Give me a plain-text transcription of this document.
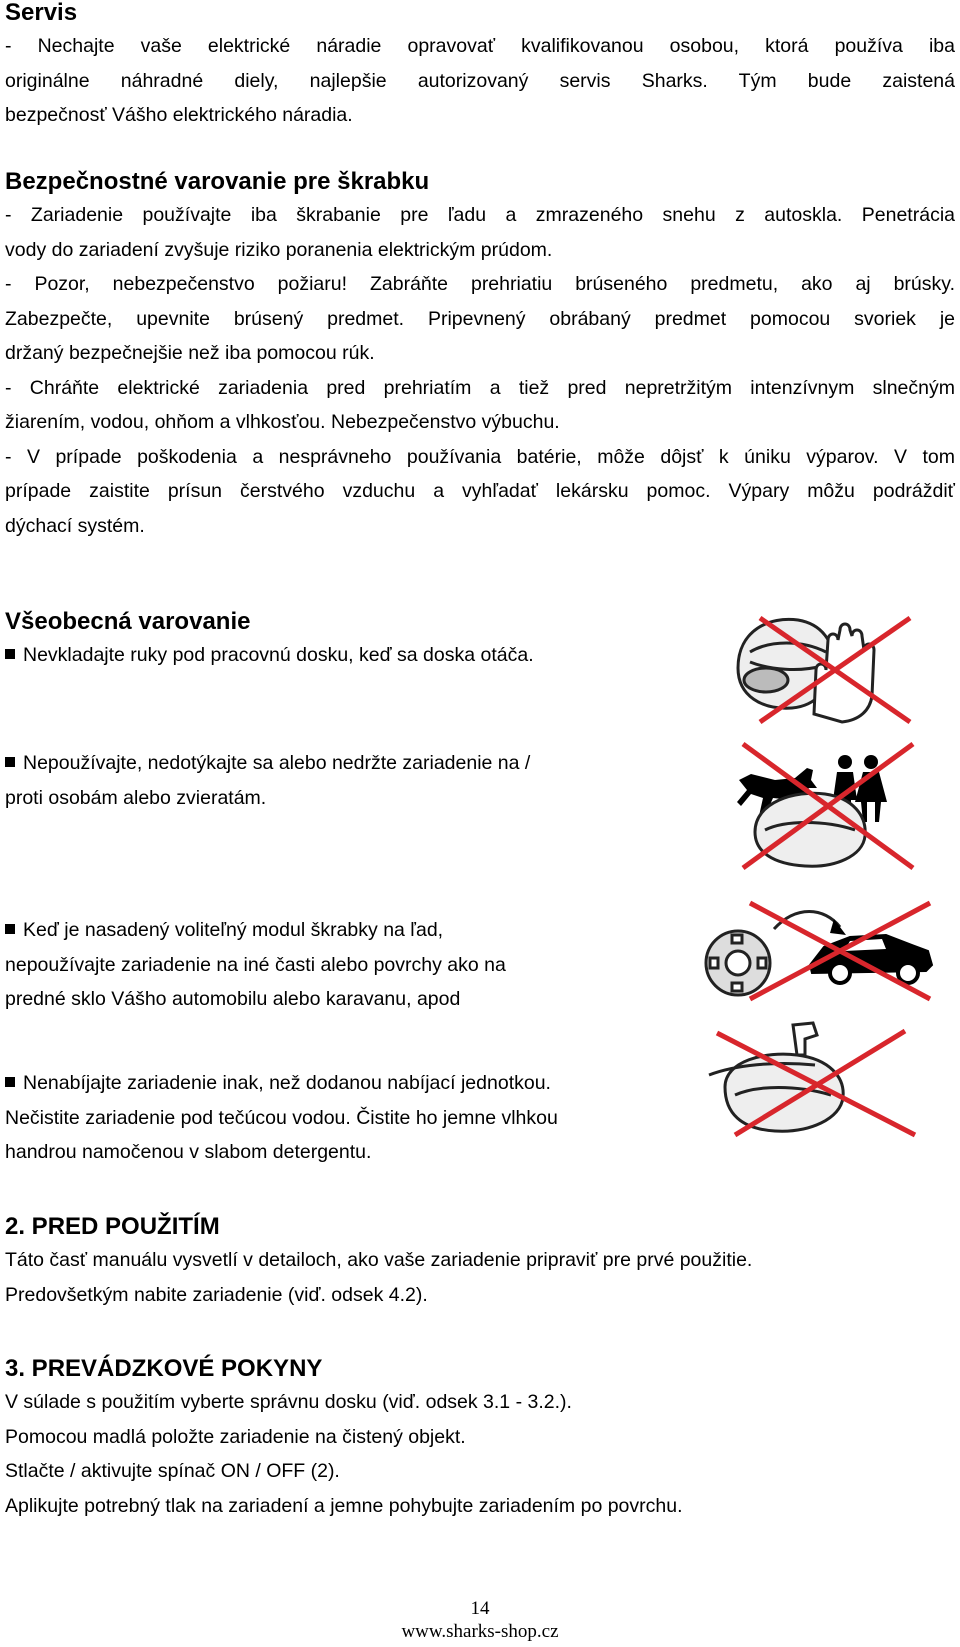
Servis
- Nechajte vaše elektrické náradie opravovať kvalifikovanou osobou, ktorá používa iba
originálne náhradné diely, najlepšie autorizovaný servis Sharks. Tým bude zaistená
bezpečnosť Vášho elektrického náradia.
Bezpečnostné varovanie pre škrabku
- Zariadenie používajte iba škrabanie pre ľadu a zmrazeného snehu z autoskla. Penetrácia
vody do zariadení zvyšuje riziko poranenia elektrickým prúdom.
- Pozor, nebezpečenstvo požiaru! Zabráňte prehriatiu brúseného predmetu, ako aj brúsky.
Zabezpečte, upevnite brúsený predmet. Pripevnený obrábaný predmet pomocou svoriek je
držaný bezpečnejšie než iba pomocou rúk.
- Chráňte elektrické zariadenia pred prehriatím a tiež pred nepretržitým intenzívnym slnečným
žiarením, vodou, ohňom a vlhkosťou. Nebezpečenstvo výbuchu.
- V prípade poškodenia a nesprávneho používania batérie, môže dôjsť k úniku výparov. V tom
prípade zaistite prísun čerstvého vzduchu a vyhľadať lekársku pomoc. Výpary môžu podráždiť
dýchací systém.
Všeobecná varovanie
Nevkladajte ruky pod pracovnú dosku, keď sa doska otáča.
Nepoužívajte, nedotýkajte sa alebo nedržte zariadenie na /
proti osobám alebo zvieratám.
Keď je nasadený voliteľný modul škrabky na ľad,
nepoužívajte zariadenie na iné časti alebo povrchy ako na
predné sklo Vášho automobilu alebo karavanu, apod
Nenabíjajte zariadenie inak, než dodanou nabíjací jednotkou.
Nečistite zariadenie pod tečúcou vodou. Čistite ho jemne vlhkou
handrou namočenou v slabom detergentu.
2. PRED POUŽITÍM
Táto časť manuálu vysvetlí v detailoch, ako vaše zariadenie pripraviť pre prvé použitie.
Predovšetkým nabite zariadenie (viď. odsek 4.2).
3. PREVÁDZKOVÉ POKYNY
V súlade s použitím vyberte správnu dosku (viď. odsek 3.1 - 3.2.).
Pomocou madlá položte zariadenie na čistený objekt.
Stlačte / aktivujte spínač ON / OFF (2).
Aplikujte potrebný tlak na zariadení a jemne pohybujte zariadením po povrchu.
14
www.sharks-shop.cz
